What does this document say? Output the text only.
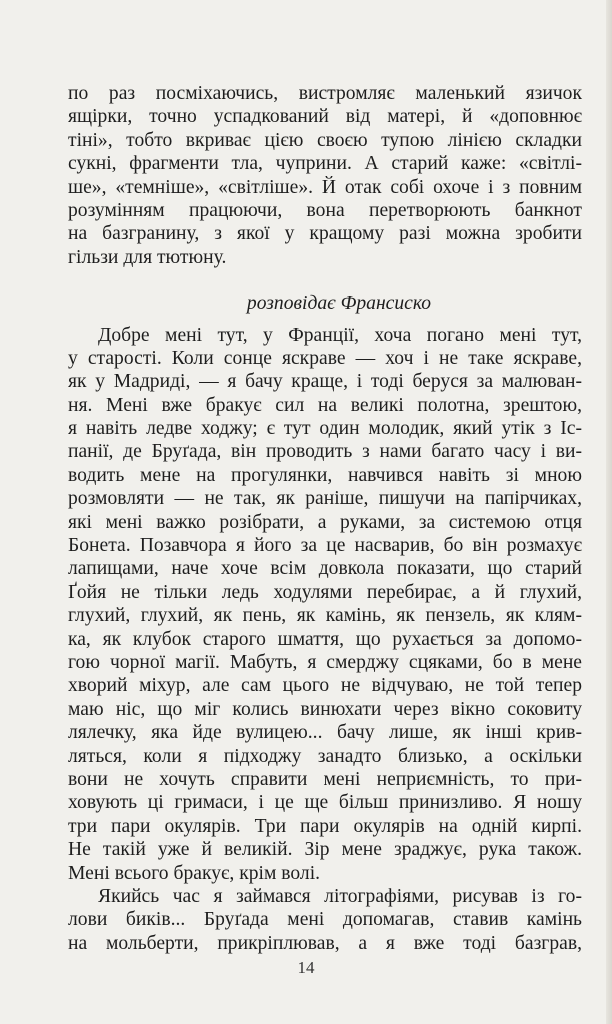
по раз посміхаючись, вистромляє маленький язичок
ящірки, точно успадкований від матері, й «доповнює
тіні», тобто вкриває цією своєю тупою лінією складки
сукні, фрагменти тла, чуприни. А старий каже: «світлі-
ше», «темніше», «світліше». Й отак собі охоче і з повним
розумінням працюючи, вона перетворюють банкнот
на базгранину, з якої у кращому разі можна зробити
гільзи для тютюну.
розповідає Франсиско
Добре мені тут, у Франції, хоча погано мені тут,
у старості. Коли сонце яскраве — хоч і не таке яскраве,
як у Мадриді, — я бачу краще, і тоді беруся за малюван-
ня. Мені вже бракує сил на великі полотна, зрештою,
я навіть ледве ходжу; є тут один молодик, який утік з Іс-
панії, де Бруґада, він проводить з нами багато часу і ви-
водить мене на прогулянки, навчився навіть зі мною
розмовляти — не так, як раніше, пишучи на папірчиках,
які мені важко розібрати, а руками, за системою отця
Бонета. Позавчора я його за це насварив, бо він розмахує
лапищами, наче хоче всім довкола показати, що старий
Ґойя не тільки ледь ходулями перебирає, а й глухий,
глухий, глухий, як пень, як камінь, як пензель, як клям-
ка, як клубок старого шмаття, що рухається за допомо-
гою чорної магії. Мабуть, я смерджу сцяками, бо в мене
хворий міхур, але сам цього не відчуваю, не той тепер
маю ніс, що міг колись винюхати через вікно соковиту
лялечку, яка йде вулицею... бачу лише, як інші крив-
ляться, коли я підходжу занадто близько, а оскільки
вони не хочуть справити мені неприємність, то при-
ховують ці гримаси, і це ще більш принизливо. Я ношу
три пари окулярів. Три пари окулярів на одній кирпі.
Не такій уже й великій. Зір мене зраджує, рука також.
Мені всього бракує, крім волі.
Якийсь час я займався літографіями, рисував із го-
лови биків... Бруґада мені допомагав, ставив камінь
на мольберти, прикріплював, а я вже тоді базграв,
14
